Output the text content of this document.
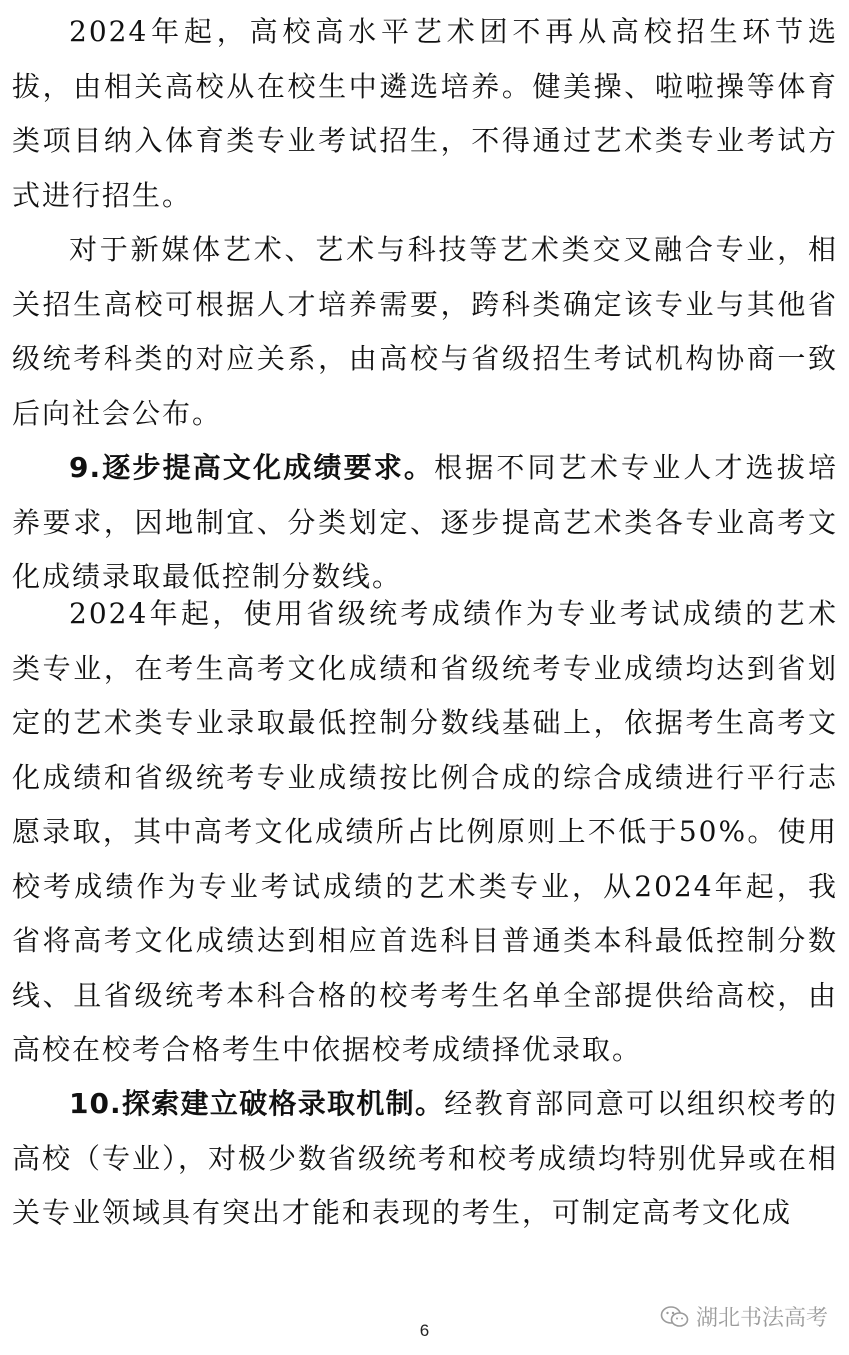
2024年起，高校高水平艺术团不再从高校招生环节选拔，由相关高校从在校生中遴选培养。健美操、啦啦操等体育类项目纳入体育类专业考试招生，不得通过艺术类专业考试方式进行招生。

对于新媒体艺术、艺术与科技等艺术类交叉融合专业，相关招生高校可根据人才培养需要，跨科类确定该专业与其他省级统考科类的对应关系，由高校与省级招生考试机构协商一致后向社会公布。

9.逐步提高文化成绩要求。根据不同艺术专业人才选拔培养要求，因地制宜、分类划定、逐步提高艺术类各专业高考文化成绩录取最低控制分数线。

2024年起，使用省级统考成绩作为专业考试成绩的艺术类专业，在考生高考文化成绩和省级统考专业成绩均达到省划定的艺术类专业录取最低控制分数线基础上，依据考生高考文化成绩和省级统考专业成绩按比例合成的综合成绩进行平行志愿录取，其中高考文化成绩所占比例原则上不低于50%。使用校考成绩作为专业考试成绩的艺术类专业，从2024年起，我省将高考文化成绩达到相应首选科目普通类本科最低控制分数线、且省级统考本科合格的校考考生名单全部提供给高校，由高校在校考合格考生中依据校考成绩择优录取。

10.探索建立破格录取机制。经教育部同意可以组织校考的高校（专业），对极少数省级统考和校考成绩均特别优异或在相关专业领域具有突出才能和表现的考生，可制定高考文化成

6	湖北书法高考
